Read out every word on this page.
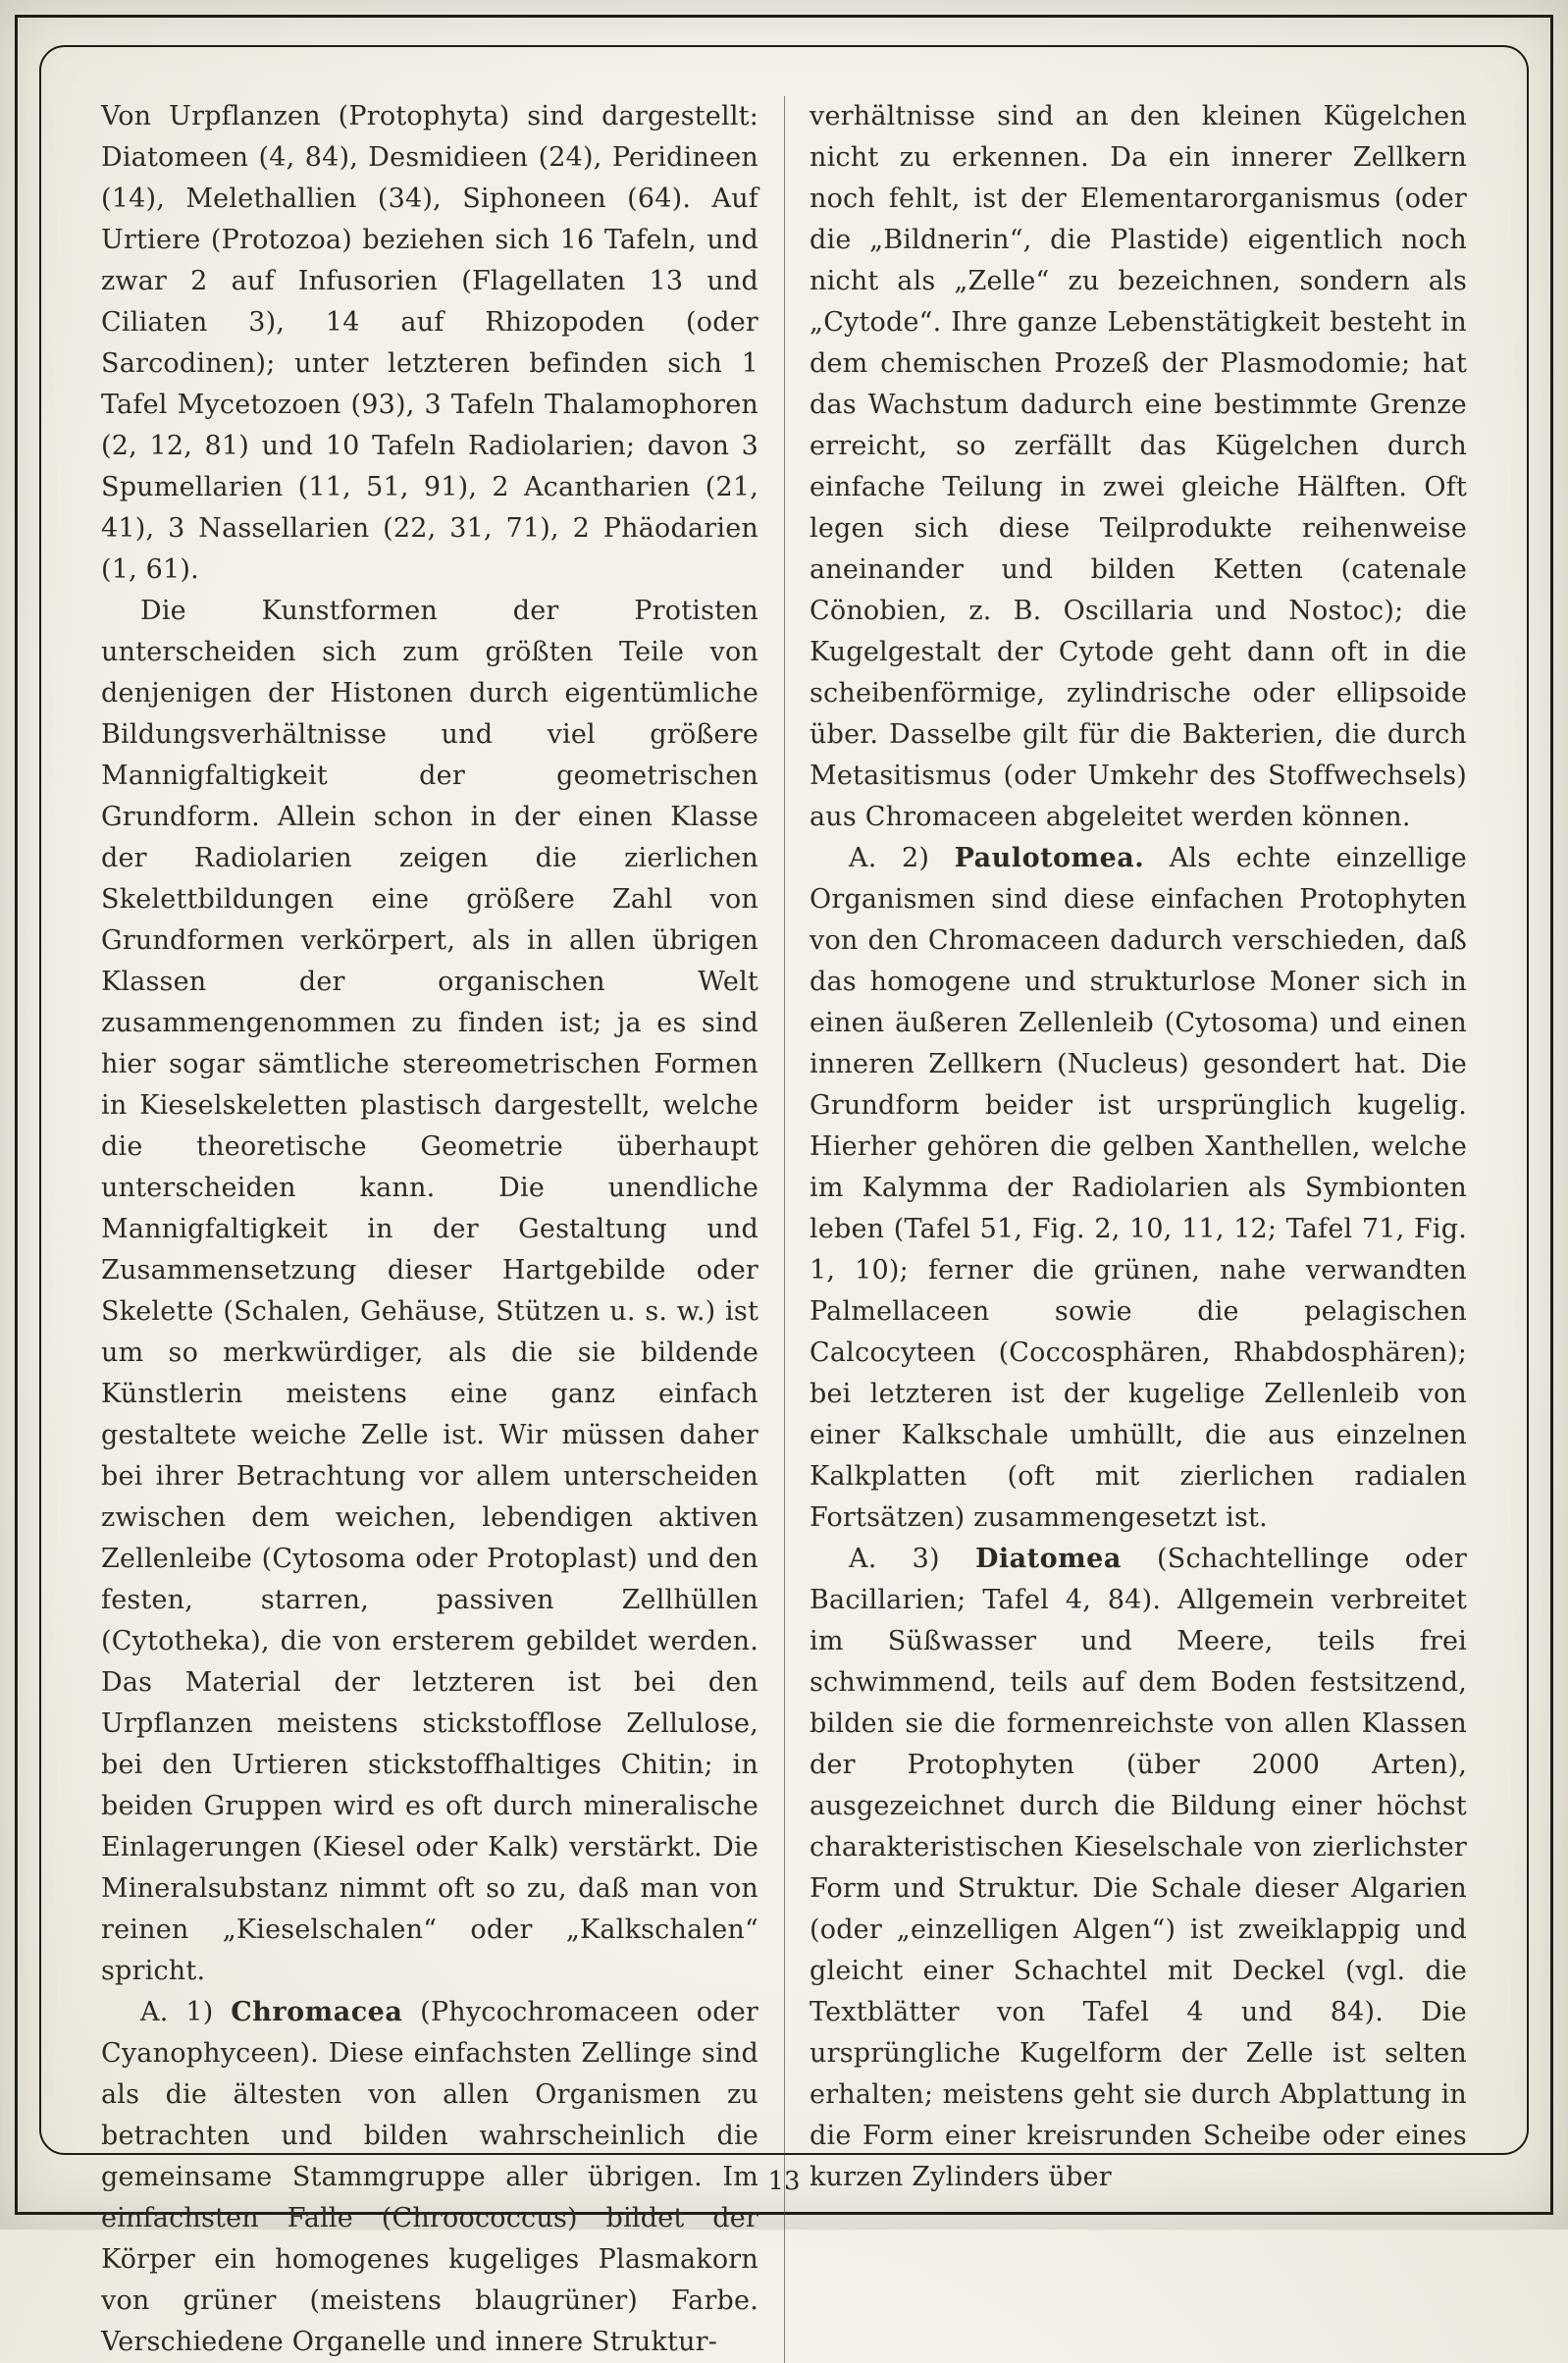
Von Urpflanzen (Protophyta) sind dargestellt: Diatomeen (4, 84), Desmidieen (24), Peridineen (14), Melethallien (34), Siphoneen (64). Auf Urtiere (Protozoa) beziehen sich 16 Tafeln, und zwar 2 auf Infusorien (Flagellaten 13 und Ciliaten 3), 14 auf Rhizopoden (oder Sarcodinen); unter letzteren befinden sich 1 Tafel Mycetozoen (93), 3 Tafeln Thalamophoren (2, 12, 81) und 10 Tafeln Radiolarien; davon 3 Spumellarien (11, 51, 91), 2 Acantharien (21, 41), 3 Nassellarien (22, 31, 71), 2 Phäodarien (1, 61).

Die Kunstformen der Protisten unterscheiden sich zum größten Teile von denjenigen der Histonen durch eigentümliche Bildungsverhältnisse und viel größere Mannigfaltigkeit der geometrischen Grundform. Allein schon in der einen Klasse der Radiolarien zeigen die zierlichen Skelettbildungen eine größere Zahl von Grundformen verkörpert, als in allen übrigen Klassen der organischen Welt zusammengenommen zu finden ist; ja es sind hier sogar sämtliche stereometrischen Formen in Kieselskeletten plastisch dargestellt, welche die theoretische Geometrie überhaupt unterscheiden kann. Die unendliche Mannigfaltigkeit in der Gestaltung und Zusammensetzung dieser Hartgebilde oder Skelette (Schalen, Gehäuse, Stützen u. s. w.) ist um so merkwürdiger, als die sie bildende Künstlerin meistens eine ganz einfach gestaltete weiche Zelle ist. Wir müssen daher bei ihrer Betrachtung vor allem unterscheiden zwischen dem weichen, lebendigen aktiven Zellenleibe (Cytosoma oder Protoplast) und den festen, starren, passiven Zellhüllen (Cytotheka), die von ersterem gebildet werden. Das Material der letzteren ist bei den Urpflanzen meistens stickstofflose Zellulose, bei den Urtieren stickstoffhaltiges Chitin; in beiden Gruppen wird es oft durch mineralische Einlagerungen (Kiesel oder Kalk) verstärkt. Die Mineralsubstanz nimmt oft so zu, daß man von reinen „Kieselschalen“ oder „Kalkschalen“ spricht.

A. 1) Chromacea (Phycochromaceen oder Cyanophyceen). Diese einfachsten Zellinge sind als die ältesten von allen Organismen zu betrachten und bilden wahrscheinlich die gemeinsame Stammgruppe aller übrigen. Im einfachsten Falle (Chroococcus) bildet der Körper ein homogenes kugeliges Plasmakorn von grüner (meistens blaugrüner) Farbe. Verschiedene Organelle und innere Struktur-

verhältnisse sind an den kleinen Kügelchen nicht zu erkennen. Da ein innerer Zellkern noch fehlt, ist der Elementarorganismus (oder die „Bildnerin“, die Plastide) eigentlich noch nicht als „Zelle“ zu bezeichnen, sondern als „Cytode“. Ihre ganze Lebenstätigkeit besteht in dem chemischen Prozeß der Plasmodomie; hat das Wachstum dadurch eine bestimmte Grenze erreicht, so zerfällt das Kügelchen durch einfache Teilung in zwei gleiche Hälften. Oft legen sich diese Teilprodukte reihenweise aneinander und bilden Ketten (catenale Cönobien, z. B. Oscillaria und Nostoc); die Kugelgestalt der Cytode geht dann oft in die scheibenförmige, zylindrische oder ellipsoide über. Dasselbe gilt für die Bakterien, die durch Metasitismus (oder Umkehr des Stoffwechsels) aus Chromaceen abgeleitet werden können.

A. 2) Paulotomea. Als echte einzellige Organismen sind diese einfachen Protophyten von den Chromaceen dadurch verschieden, daß das homogene und strukturlose Moner sich in einen äußeren Zellenleib (Cytosoma) und einen inneren Zellkern (Nucleus) gesondert hat. Die Grundform beider ist ursprünglich kugelig. Hierher gehören die gelben Xanthellen, welche im Kalymma der Radiolarien als Symbionten leben (Tafel 51, Fig. 2, 10, 11, 12; Tafel 71, Fig. 1, 10); ferner die grünen, nahe verwandten Palmellaceen sowie die pelagischen Calcocyteen (Coccosphären, Rhabdosphären); bei letzteren ist der kugelige Zellenleib von einer Kalkschale umhüllt, die aus einzelnen Kalkplatten (oft mit zierlichen radialen Fortsätzen) zusammengesetzt ist.

A. 3) Diatomea (Schachtellinge oder Bacillarien; Tafel 4, 84). Allgemein verbreitet im Süßwasser und Meere, teils frei schwimmend, teils auf dem Boden festsitzend, bilden sie die formenreichste von allen Klassen der Protophyten (über 2000 Arten), ausgezeichnet durch die Bildung einer höchst charakteristischen Kieselschale von zierlichster Form und Struktur. Die Schale dieser Algarien (oder „einzelligen Algen“) ist zweiklappig und gleicht einer Schachtel mit Deckel (vgl. die Textblätter von Tafel 4 und 84). Die ursprüngliche Kugelform der Zelle ist selten erhalten; meistens geht sie durch Abplattung in die Form einer kreisrunden Scheibe oder eines kurzen Zylinders über

13
